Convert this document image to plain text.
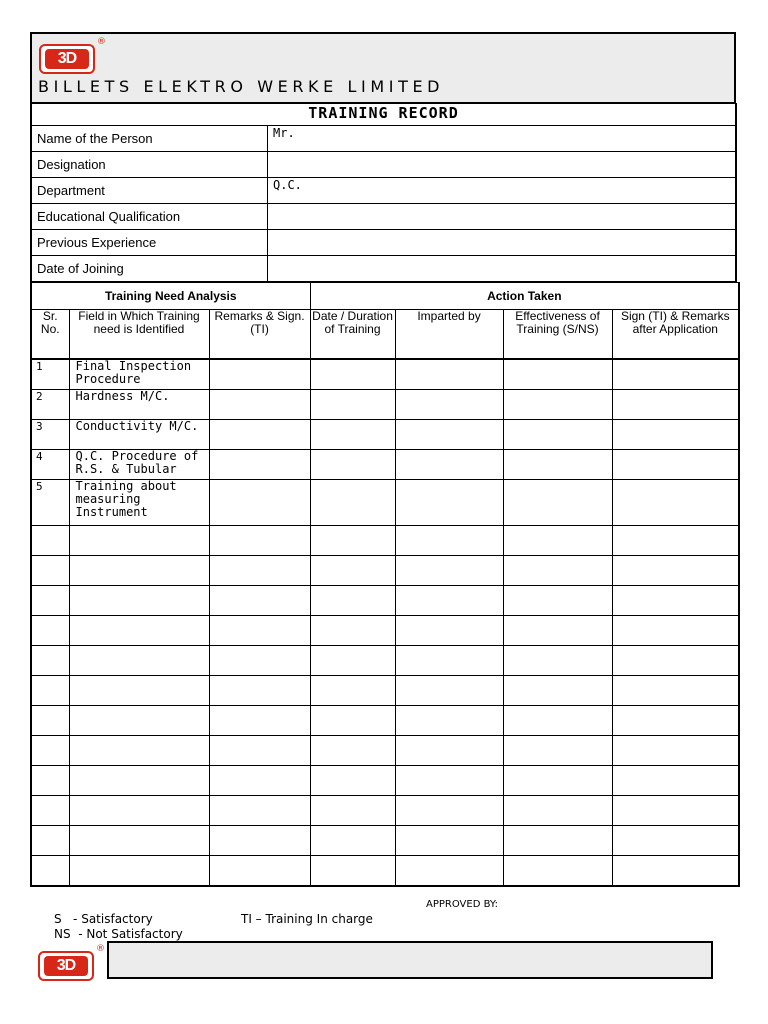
3D
®
BILLETS ELEKTRO WERKE LIMITED
TRAINING RECORD
Name of the Person	Mr.
Designation	
Department	Q.C.
Educational Qualification	
Previous Experience	
Date of Joining	
Training Need Analysis			Action Taken			
Sr. No.	Field in Which Training need is Identified	Remarks & Sign. (TI)	Date / Duration of Training	Imparted by	Effectiveness of Training (S/NS)	Sign (TI) & Remarks after Application
1	Final Inspection Procedure					
2	Hardness M/C.					
3	Conductivity M/C.					
4	Q.C. Procedure of R.S. & Tubular					
5	Training about measuring Instrument					

APPROVED BY:
S   - Satisfactory	TI – Training In charge
NS  - Not Satisfactory
3D
®
